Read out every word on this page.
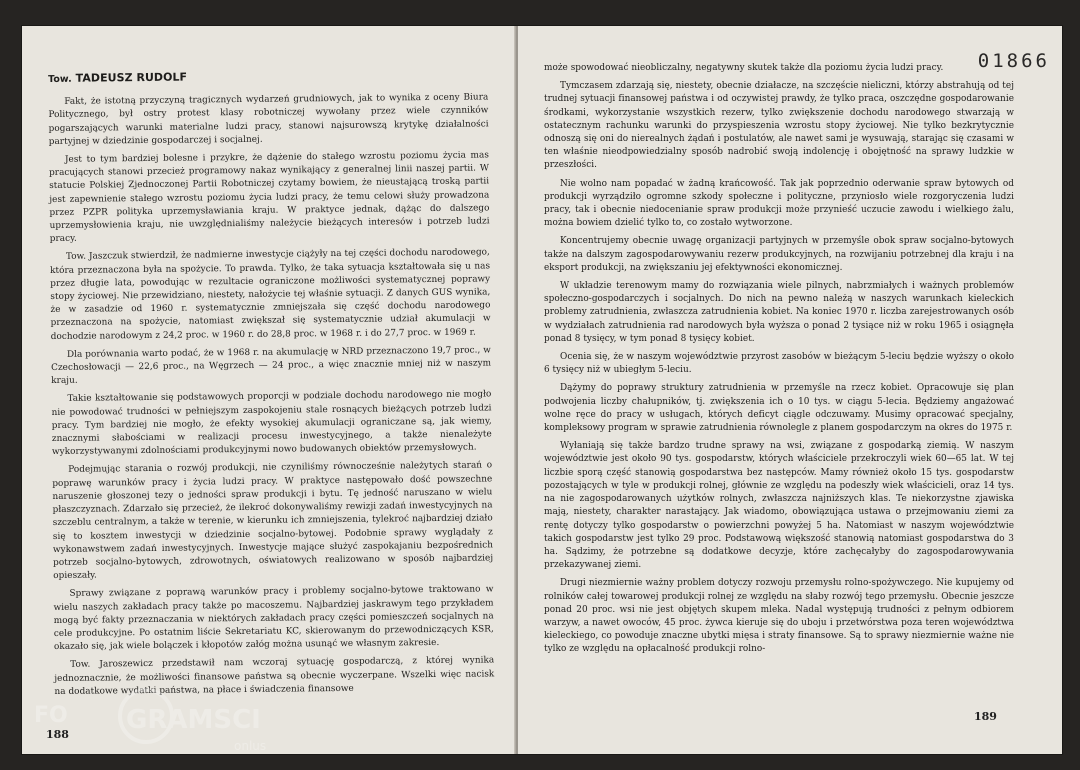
Tow. TADEUSZ RUDOLF

Fakt, że istotną przyczyną tragicznych wydarzeń grudniowych, jak to wynika z oceny Biura Politycznego, był ostry protest klasy robotniczej wywołany przez wiele czynników pogarszających warunki materialne ludzi pracy, stanowi najsurowszą krytykę działalności partyjnej w dziedzinie gospodarczej i socjalnej.

Jest to tym bardziej bolesne i przykre, że dążenie do stałego wzrostu poziomu życia mas pracujących stanowi przecież programowy nakaz wynikający z generalnej linii naszej partii. W statucie Polskiej Zjednoczonej Partii Robotniczej czytamy bowiem, że nieustającą troską partii jest zapewnienie stałego wzrostu poziomu życia ludzi pracy, że temu celowi służy prowadzona przez PZPR polityka uprzemysławiania kraju. W praktyce jednak, dążąc do dalszego uprzemysłowienia kraju, nie uwzględnialiśmy należycie bieżących interesów i potrzeb ludzi pracy.

Tow. Jaszczuk stwierdził, że nadmierne inwestycje ciążyły na tej części dochodu narodowego, która przeznaczona była na spożycie. To prawda. Tylko, że taka sytuacja kształtowała się u nas przez długie lata, powodując w rezultacie ograniczone możliwości systematycznej poprawy stopy życiowej. Nie przewidziano, niestety, nałożycie tej właśnie sytuacji. Z danych GUS wynika, że w zasadzie od 1960 r. systematycznie zmniejszała się część dochodu narodowego przeznaczona na spożycie, natomiast zwiększał się systematycznie udział akumulacji w dochodzie narodowym z 24,2 proc. w 1960 r. do 28,8 proc. w 1968 r. i do 27,7 proc. w 1969 r.

Dla porównania warto podać, że w 1968 r. na akumulację w NRD przeznaczono 19,7 proc., w Czechosłowacji — 22,6 proc., na Węgrzech — 24 proc., a więc znacznie mniej niż w naszym kraju.

Takie kształtowanie się podstawowych proporcji w podziale dochodu narodowego nie mogło nie powodować trudności w pełniejszym zaspokojeniu stale rosnących bieżących potrzeb ludzi pracy. Tym bardziej nie mogło, że efekty wysokiej akumulacji ograniczane są, jak wiemy, znacznymi słabościami w realizacji procesu inwestycyjnego, a także nienależyte wykorzystywanymi zdolnościami produkcyjnymi nowo budowanych obiektów przemysłowych.

Podejmując starania o rozwój produkcji, nie czyniliśmy równocześnie należytych starań o poprawę warunków pracy i życia ludzi pracy. W praktyce następowało dość powszechne naruszenie głoszonej tezy o jedności spraw produkcji i bytu. Tę jedność naruszano w wielu płaszczyznach. Zdarzało się przecież, że ilekroć dokonywaliśmy rewizji zadań inwestycyjnych na szczeblu centralnym, a także w terenie, w kierunku ich zmniejszenia, tylekroć najbardziej działo się to kosztem inwestycji w dziedzinie socjalno-bytowej. Podobnie sprawy wyglądały z wykonawstwem zadań inwestycyjnych. Inwestycje mające służyć zaspokajaniu bezpośrednich potrzeb socjalno-bytowych, zdrowotnych, oświatowych realizowano w sposób najbardziej opieszały.

Sprawy związane z poprawą warunków pracy i problemy socjalno-bytowe traktowano w wielu naszych zakładach pracy także po macoszemu. Najbardziej jaskrawym tego przykładem mogą być fakty przeznaczania w niektórych zakładach pracy części pomieszczeń socjalnych na cele produkcyjne. Po ostatnim liście Sekretariatu KC, skierowanym do przewodniczących KSR, okazało się, jak wiele bolączek i kłopotów załóg można usunąć we własnym zakresie.

Tow. Jaroszewicz przedstawił nam wczoraj sytuację gospodarczą, z której wynika jednoznacznie, że możliwości finansowe państwa są obecnie wyczerpane. Wszelki więc nacisk na dodatkowe wydatki państwa, na płace i świadczenia finansowe

188

może spowodować nieobliczalny, negatywny skutek także dla poziomu życia ludzi pracy.

Tymczasem zdarzają się, niestety, obecnie działacze, na szczęście nieliczni, którzy abstrahują od tej trudnej sytuacji finansowej państwa i od oczywistej prawdy, że tylko praca, oszczędne gospodarowanie środkami, wykorzystanie wszystkich rezerw, tylko zwiększenie dochodu narodowego stwarzają w ostatecznym rachunku warunki do przyspieszenia wzrostu stopy życiowej. Nie tylko bezkrytycznie odnoszą się oni do nierealnych żądań i postulatów, ale nawet sami je wysuwają, starając się czasami w ten właśnie nieodpowiedzialny sposób nadrobić swoją indolencję i obojętność na sprawy ludzkie w przeszłości.

Nie wolno nam popadać w żadną krańcowość. Tak jak poprzednio oderwanie spraw bytowych od produkcji wyrządziło ogromne szkody społeczne i polityczne, przyniosło wiele rozgoryczenia ludzi pracy, tak i obecnie niedocenianie spraw produkcji może przynieść uczucie zawodu i wielkiego żalu, można bowiem dzielić tylko to, co zostało wytworzone.

Koncentrujemy obecnie uwagę organizacji partyjnych w przemyśle obok spraw socjalno-bytowych także na dalszym zagospodarowywaniu rezerw produkcyjnych, na rozwijaniu potrzebnej dla kraju i na eksport produkcji, na zwiększaniu jej efektywności ekonomicznej.

W układzie terenowym mamy do rozwiązania wiele pilnych, nabrzmiałych i ważnych problemów społeczno-gospodarczych i socjalnych. Do nich na pewno należą w naszych warunkach kieleckich problemy zatrudnienia, zwłaszcza zatrudnienia kobiet. Na koniec 1970 r. liczba zarejestrowanych osób w wydziałach zatrudnienia rad narodowych była wyższa o ponad 2 tysiące niż w roku 1965 i osiągnęła ponad 8 tysięcy, w tym ponad 8 tysięcy kobiet.

Ocenia się, że w naszym województwie przyrost zasobów w bieżącym 5-leciu będzie wyższy o około 6 tysięcy niż w ubiegłym 5-leciu.

Dążymy do poprawy struktury zatrudnienia w przemyśle na rzecz kobiet. Opracowuje się plan podwojenia liczby chałupników, tj. zwiększenia ich o 10 tys. w ciągu 5-lecia. Będziemy angażować wolne ręce do pracy w usługach, których deficyt ciągle odczuwamy. Musimy opracować specjalny, kompleksowy program w sprawie zatrudnienia równolegle z planem gospodarczym na okres do 1975 r.

Wyłaniają się także bardzo trudne sprawy na wsi, związane z gospodarką ziemią. W naszym województwie jest około 90 tys. gospodarstw, których właściciele przekroczyli wiek 60—65 lat. W tej liczbie sporą część stanowią gospodarstwa bez następców. Mamy również około 15 tys. gospodarstw pozostających w tyle w produkcji rolnej, głównie ze względu na podeszły wiek właścicieli, oraz 14 tys. na nie zagospodarowanych użytków rolnych, zwłaszcza najniższych klas. Te niekorzystne zjawiska mają, niestety, charakter narastający. Jak wiadomo, obowiązująca ustawa o przejmowaniu ziemi za rentę dotyczy tylko gospodarstw o powierzchni powyżej 5 ha. Natomiast w naszym województwie takich gospodarstw jest tylko 29 proc. Podstawową większość stanowią natomiast gospodarstwa do 3 ha. Sądzimy, że potrzebne są dodatkowe decyzje, które zachęcałyby do zagospodarowywania przekazywanej ziemi.

Drugi niezmiernie ważny problem dotyczy rozwoju przemysłu rolno-spożywczego. Nie kupujemy od rolników całej towarowej produkcji rolnej ze względu na słaby rozwój tego przemysłu. Obecnie jeszcze ponad 20 proc. wsi nie jest objętych skupem mleka. Nadal występują trudności z pełnym odbiorem warzyw, a nawet owoców, 45 proc. żywca kieruje się do uboju i przetwórstwa poza teren województwa kieleckiego, co powoduje znaczne ubytki mięsa i straty finansowe. Są to sprawy niezmiernie ważne nie tylko ze względu na opłacalność produkcji rolno-

01866
189
FO GRAMSCI
onlus
